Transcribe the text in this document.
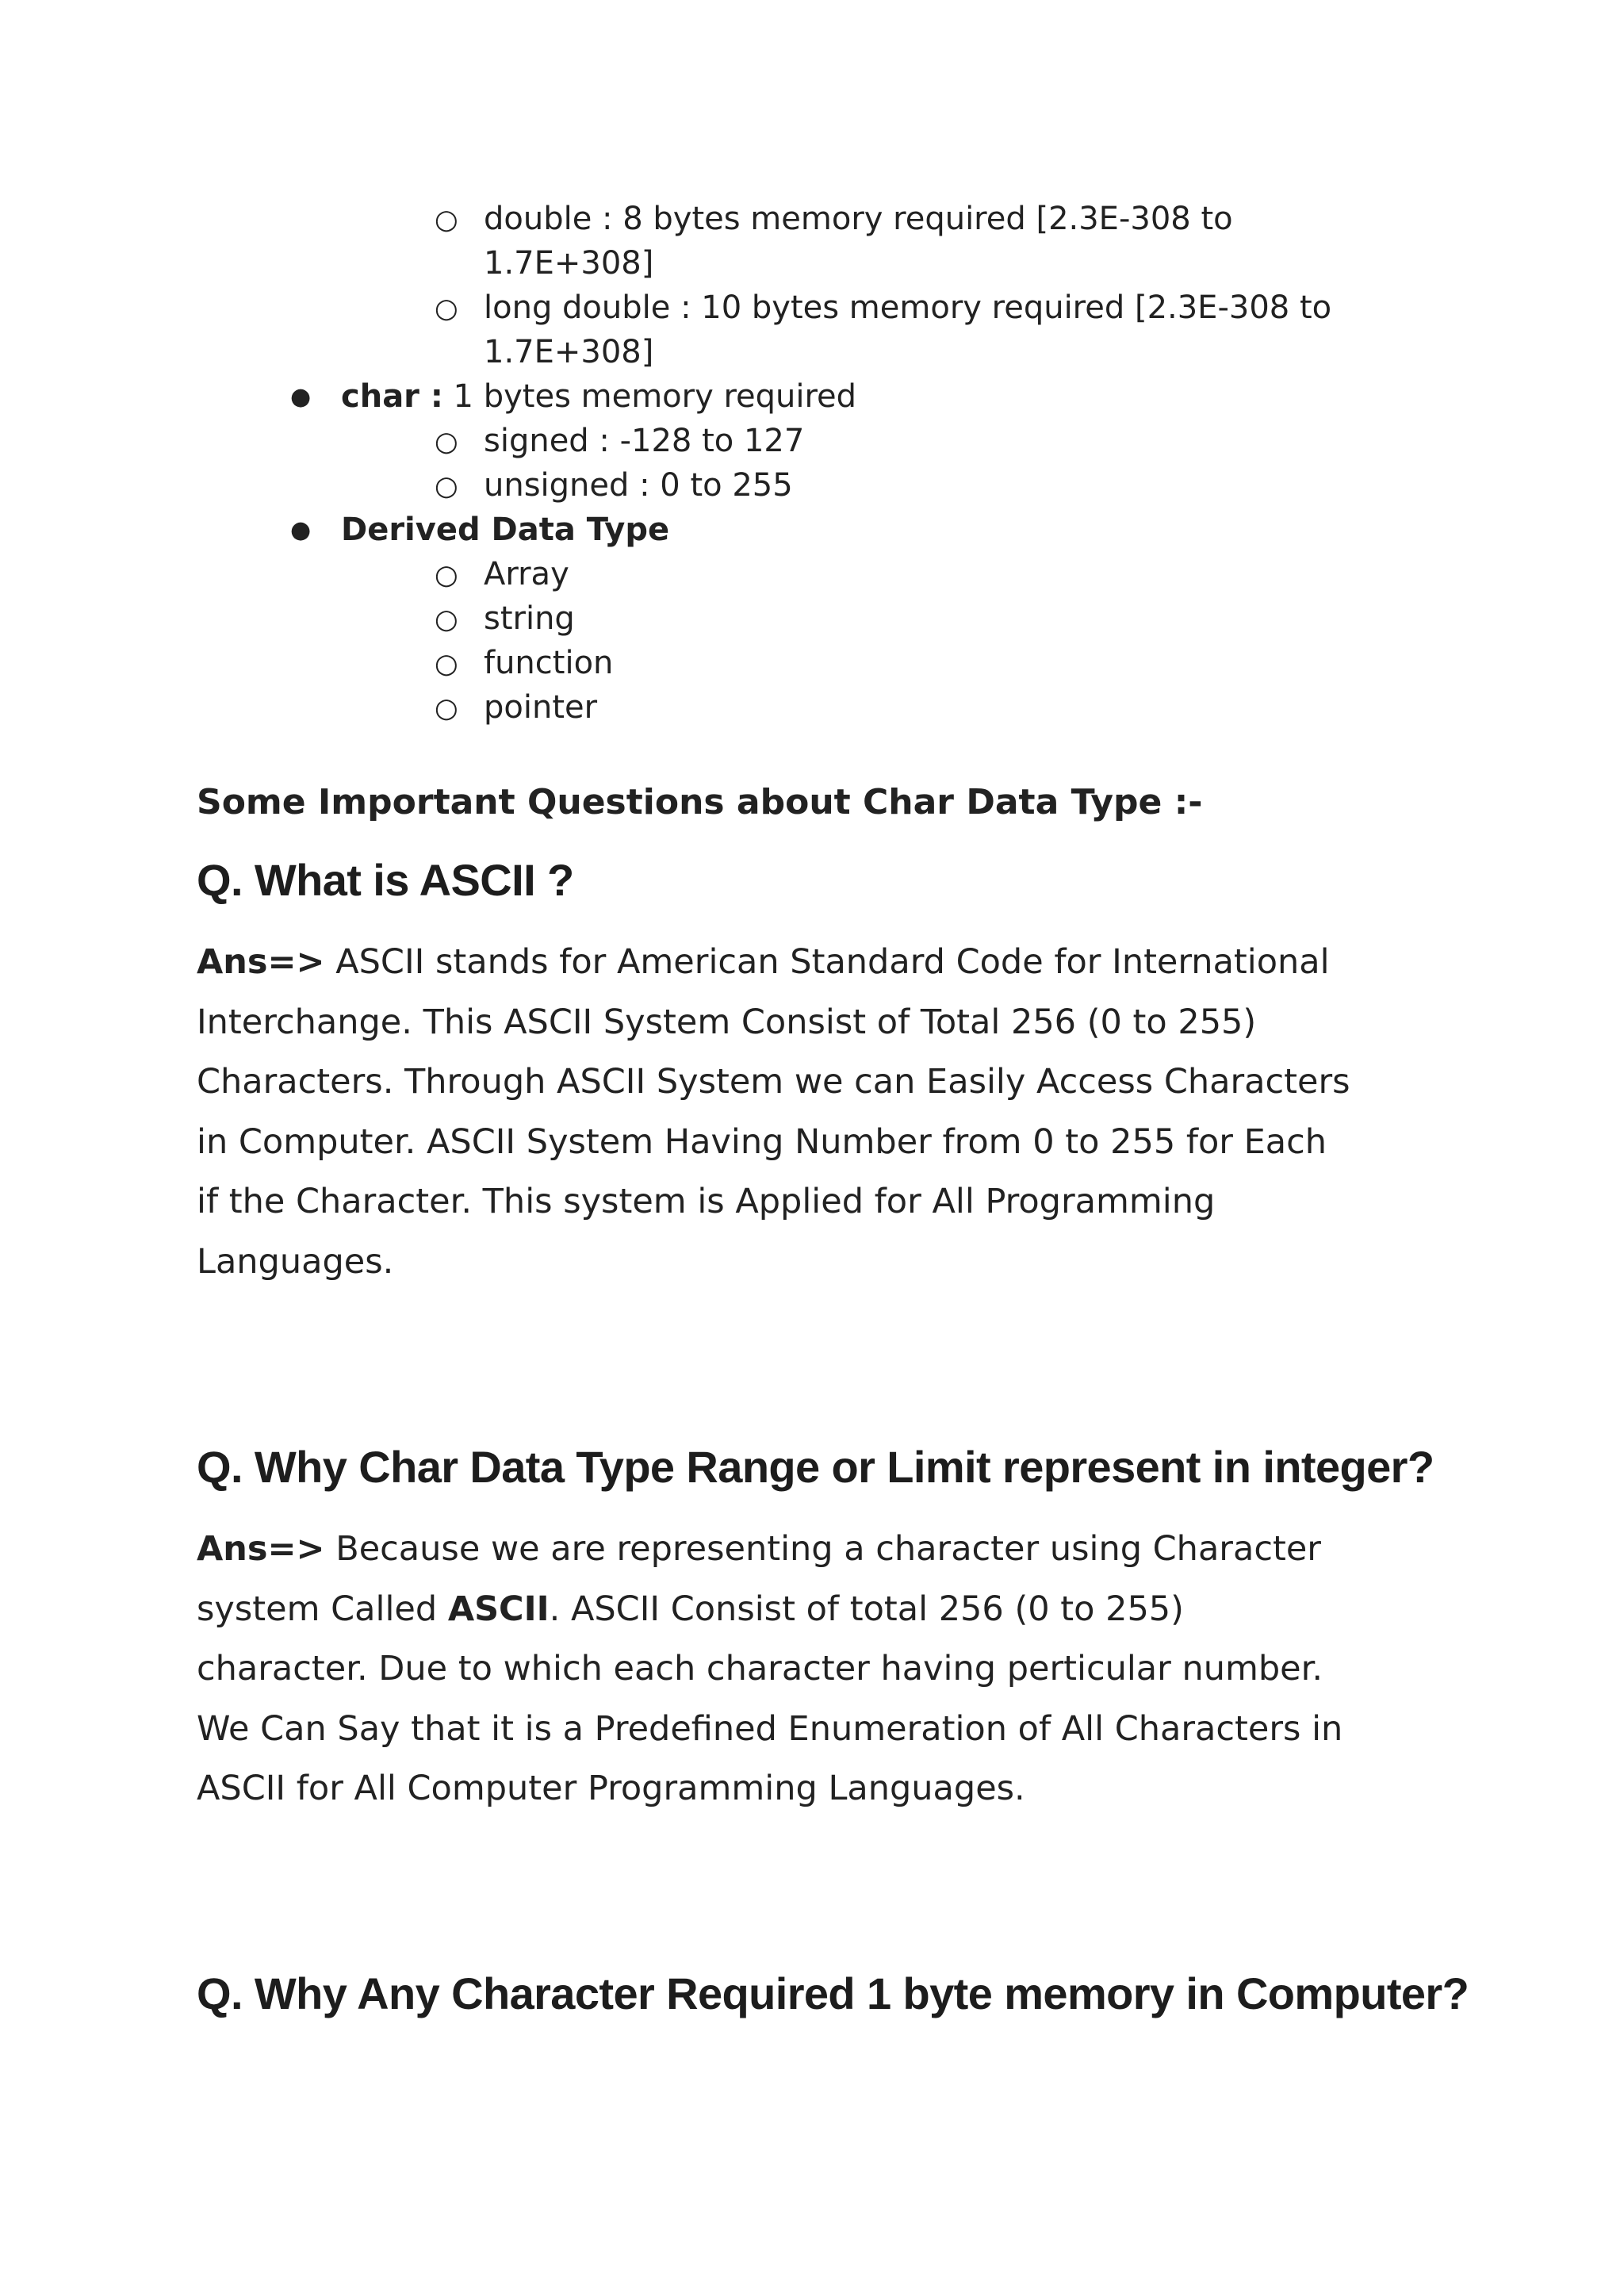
○ double : 8 bytes memory required [2.3E-308 to
1.7E+308]
○ long double : 10 bytes memory required [2.3E-308 to
1.7E+308]
● char : 1 bytes memory required
○ signed : -128 to 127
○ unsigned : 0 to 255
● Derived Data Type
○ Array
○ string
○ function
○ pointer
Some Important Questions about Char Data Type :-
Q. What is ASCII ?
Ans=> ASCII stands for American Standard Code for International
Interchange. This ASCII System Consist of Total 256 (0 to 255)
Characters. Through ASCII System we can Easily Access Characters
in Computer. ASCII System Having Number from 0 to 255 for Each
if the Character. This system is Applied for All Programming
Languages.
Q. Why Char Data Type Range or Limit represent in integer?
Ans=> Because we are representing a character using Character
system Called ASCII. ASCII Consist of total 256 (0 to 255)
character. Due to which each character having perticular number.
We Can Say that it is a Predefined Enumeration of All Characters in
ASCII for All Computer Programming Languages.
Q. Why Any Character Required 1 byte memory in Computer?
